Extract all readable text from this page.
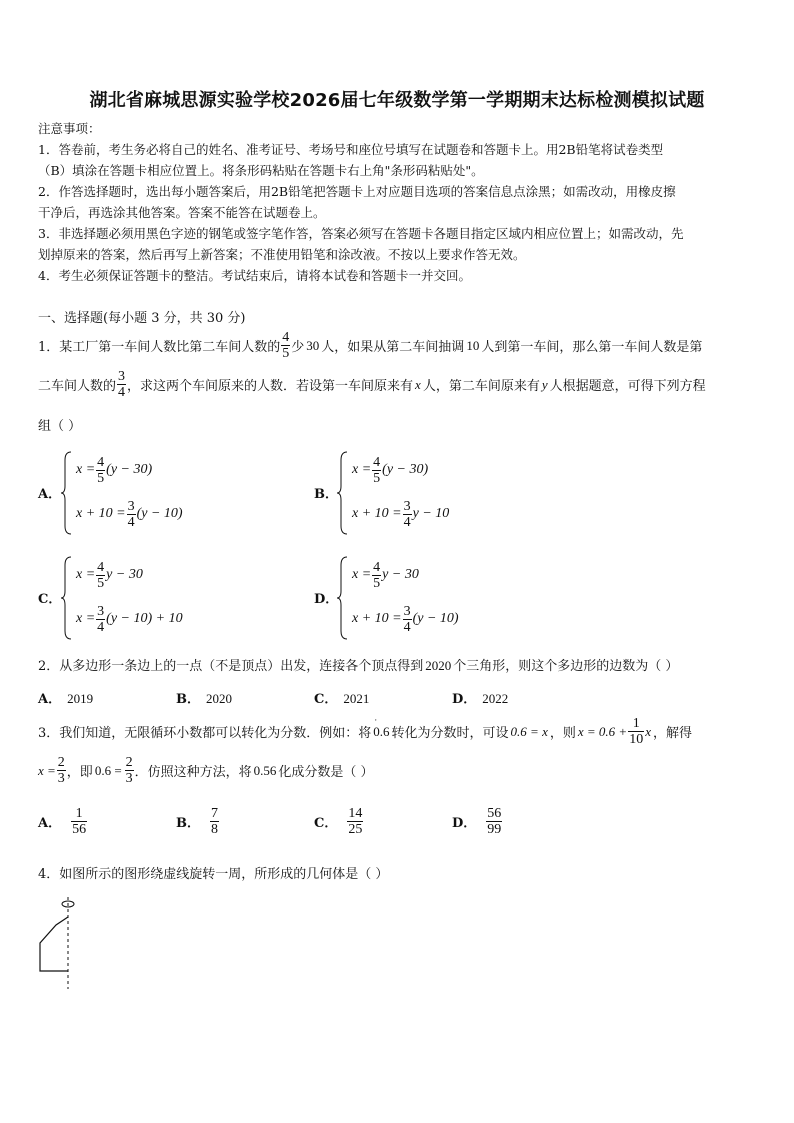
湖北省麻城思源实验学校2026届七年级数学第一学期期末达标检测模拟试题
注意事项：
1．答卷前，考生务必将自己的姓名、准考证号、考场号和座位号填写在试题卷和答题卡上。用2B铅笔将试卷类型
（B）填涂在答题卡相应位置上。将条形码粘贴在答题卡右上角"条形码粘贴处"。
2．作答选择题时，选出每小题答案后，用2B铅笔把答题卡上对应题目选项的答案信息点涂黑；如需改动，用橡皮擦
干净后，再选涂其他答案。答案不能答在试题卷上。
3．非选择题必须用黑色字迹的钢笔或签字笔作答，答案必须写在答题卡各题目指定区域内相应位置上；如需改动，先
划掉原来的答案，然后再写上新答案；不准使用铅笔和涂改液。不按以上要求作答无效。
4．考生必须保证答题卡的整洁。考试结束后，请将本试卷和答题卡一并交回。
一、选择题(每小题 3 分，共 30 分)
1．某工厂第一车间人数比第二车间人数的 $\frac{4}{5}$ 少 30 人，如果从第二车间抽调 10 人到第一车间，那么第一车间人数是第
二车间人数的 $\frac{3}{4}$ ，求这两个车间原来的人数．若设第一车间原来有 x 人，第二车间原来有 y 人根据题意，可得下列方程
组（ ）
A．
$x = \frac{4}{5} (y - 30)$
$x + 10 = \frac{3}{4} (y - 10)$
B．
$x = \frac{4}{5} (y - 30)$
$x + 10 = \frac{3}{4}$ y − 10
C．
$x = \frac{4}{5}$ y − 30
$x = \frac{3}{4} (y - 10) + 10$
D．
$x = \frac{4}{5}$ y − 30
$x + 10 = \frac{3}{4} (y - 10)$
2．从多边形一条边上的一点（不是顶点）出发，连接各个顶点得到 2020 个三角形，则这个多边形的边数为（ ）
A． 2019	B． 2020	C． 2021	D． 2022
3．我们知道，无限循环小数都可以转化为分数．例如：将
·
0.6 转化为分数时，可设 0.6 = x ，则 $x = 0.6 + \frac{1}{10}$ x ，解得
$x = \frac{2}{3}$ ，即 $0.6 = \frac{2}{3}$ ．仿照这种方法，将 0.56 化成分数是（ ）
A． $\frac{1}{56}$	B． $\frac{7}{8}$	C． $\frac{14}{25}$	D． $\frac{56}{99}$
4．如图所示的图形绕虚线旋转一周，所形成的几何体是（ ）
